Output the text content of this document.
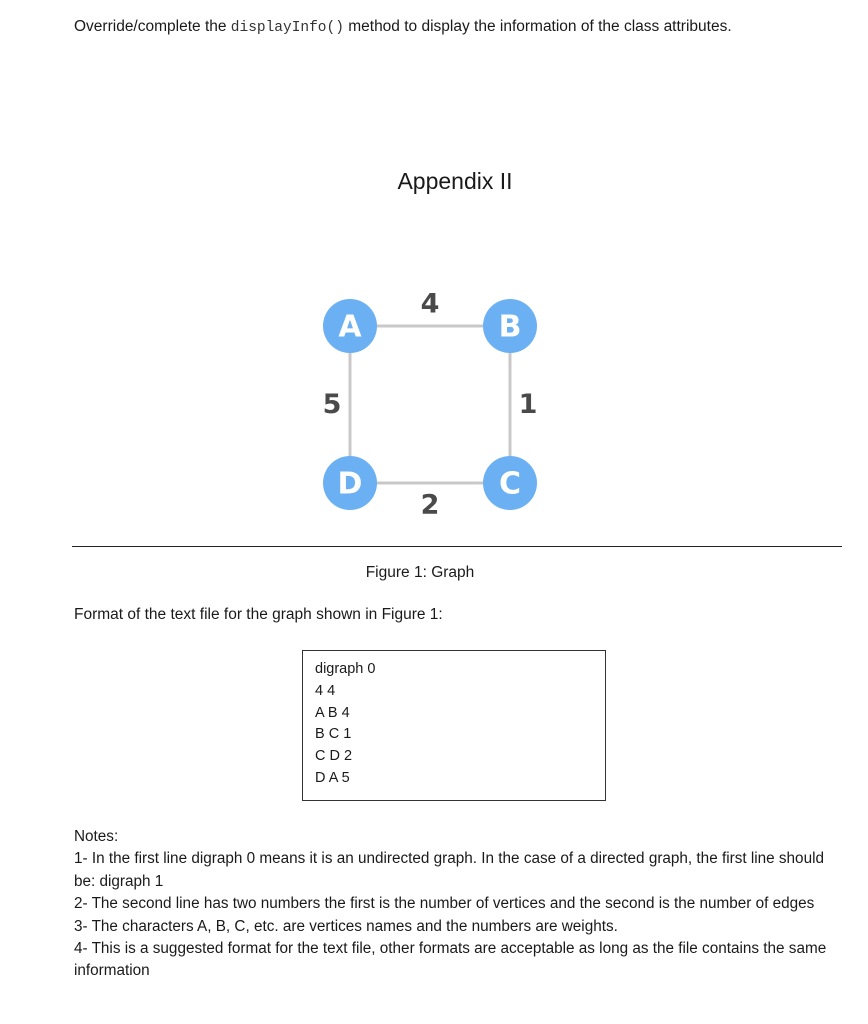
Override/complete the displayInfo() method to display the information of the class attributes.
Appendix II
A	B
C
D
4
1
2
5
Figure 1: Graph
Format of the text file for the graph shown in Figure 1:
digraph 0
4 4
A B 4
B C 1
C D 2
D A 5
Notes:
1- In the first line digraph 0 means it is an undirected graph. In the case of a directed graph, the first line should be: digraph 1
2- The second line has two numbers the first is the number of vertices and the second is the number of edges
3- The characters A, B, C, etc. are vertices names and the numbers are weights.
4- This is a suggested format for the text file, other formats are acceptable as long as the file contains the same information
